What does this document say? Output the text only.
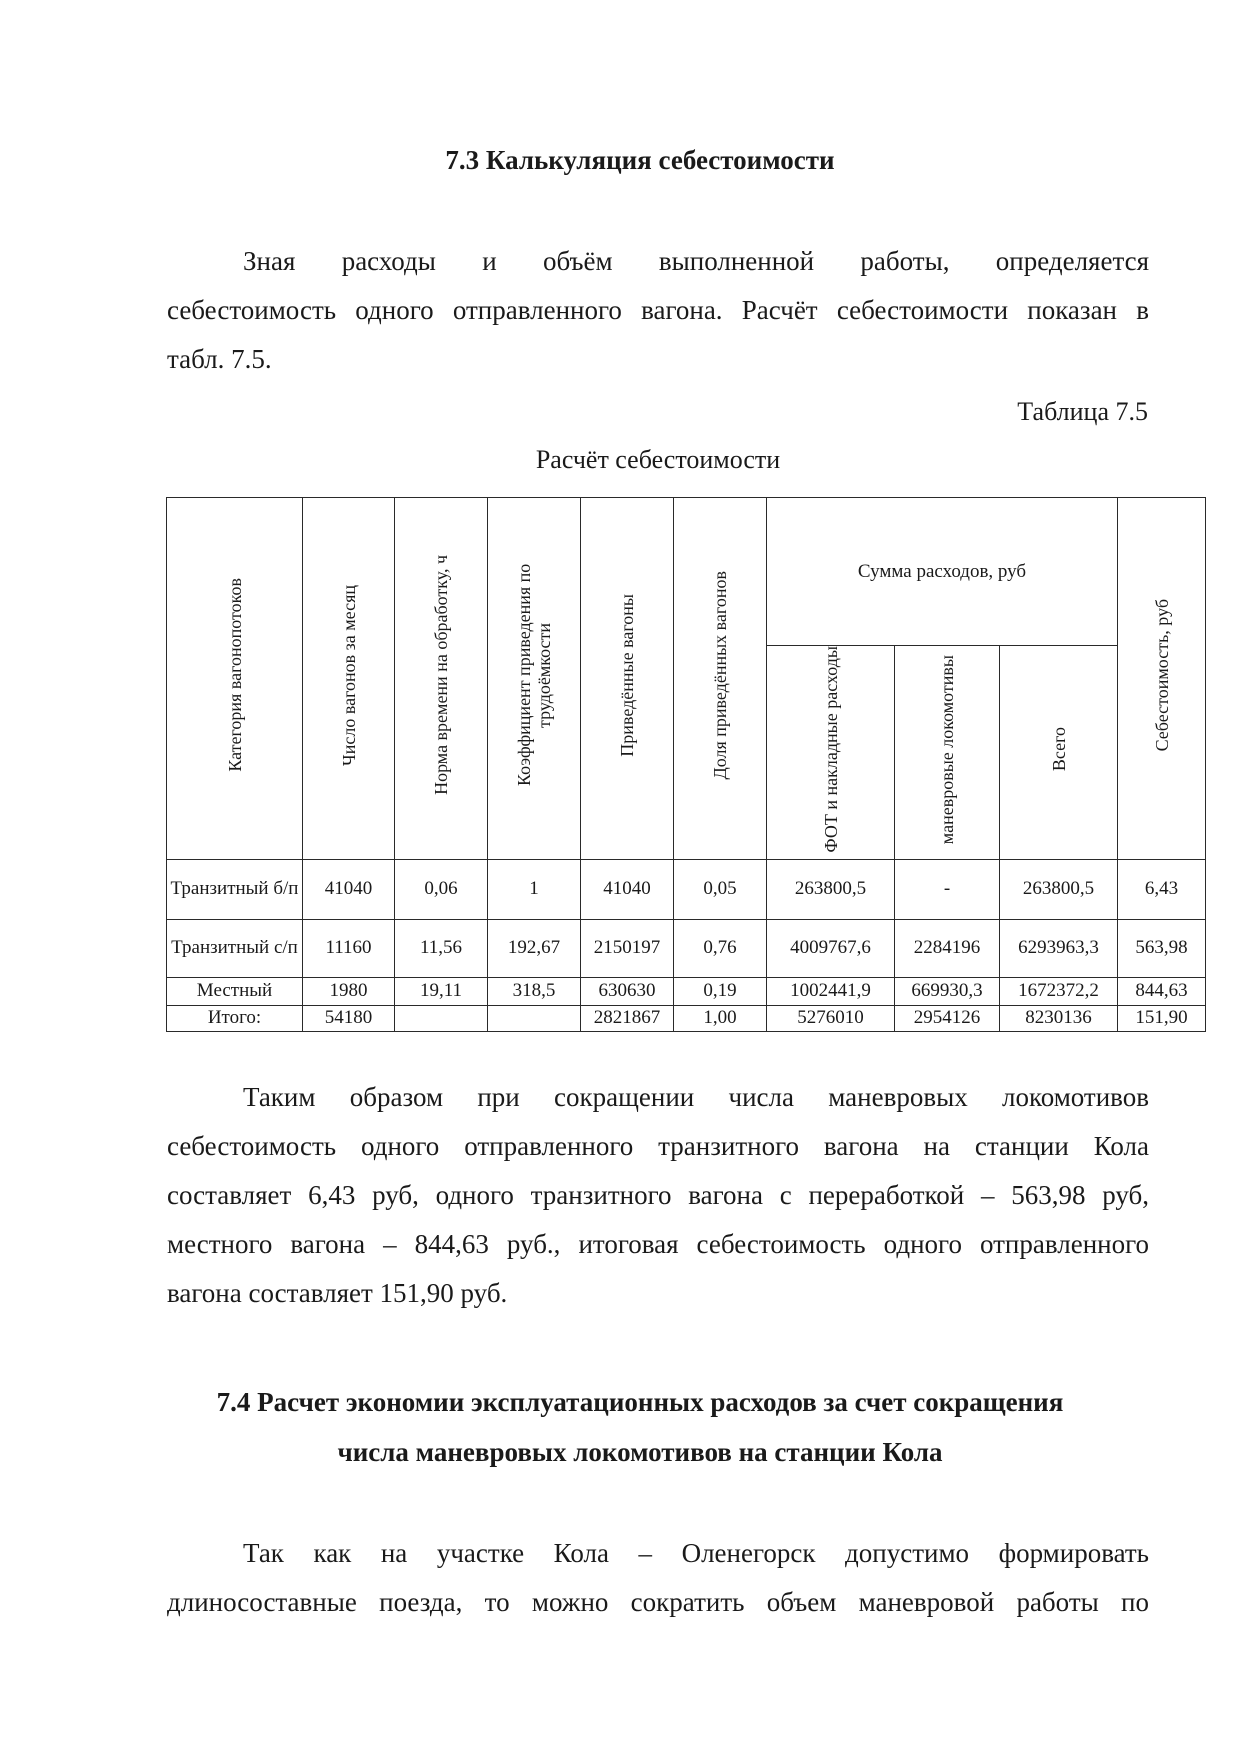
7.3 Калькуляция себестоимости
Зная расходы и объём выполненной работы, определяется
себестоимость одного отправленного вагона. Расчёт себестоимости показан в
табл. 7.5.
Таблица 7.5
Расчёт себестоимости
Категория вагонопотоков	Число вагонов за месяц	Норма времени на обработку, ч	Коэффициент приведения по трудоёмкости	Приведённые вагоны	Доля приведённых вагонов	Сумма расходов, руб			Себестоимость, руб
						ФОТ и накладные расходы	маневровые локомотивы	Всего	
Транзитный б/п	41040	0,06	1	41040	0,05	263800,5	-	263800,5	6,43
Транзитный с/п	11160	11,56	192,67	2150197	0,76	4009767,6	2284196	6293963,3	563,98
Местный	1980	19,11	318,5	630630	0,19	1002441,9	669930,3	1672372,2	844,63
Итого:	54180			2821867	1,00	5276010	2954126	8230136	151,90
Таким образом при сокращении числа маневровых локомотивов
себестоимость одного отправленного транзитного вагона на станции Кола
составляет 6,43 руб, одного транзитного вагона с переработкой – 563,98 руб,
местного вагона – 844,63 руб., итоговая себестоимость одного отправленного
вагона составляет 151,90 руб.
7.4 Расчет экономии эксплуатационных расходов за счет сокращения
числа маневровых локомотивов на станции Кола
Так как на участке Кола – Оленегорск допустимо формировать
длиносоставные поезда, то можно сократить объем маневровой работы по
